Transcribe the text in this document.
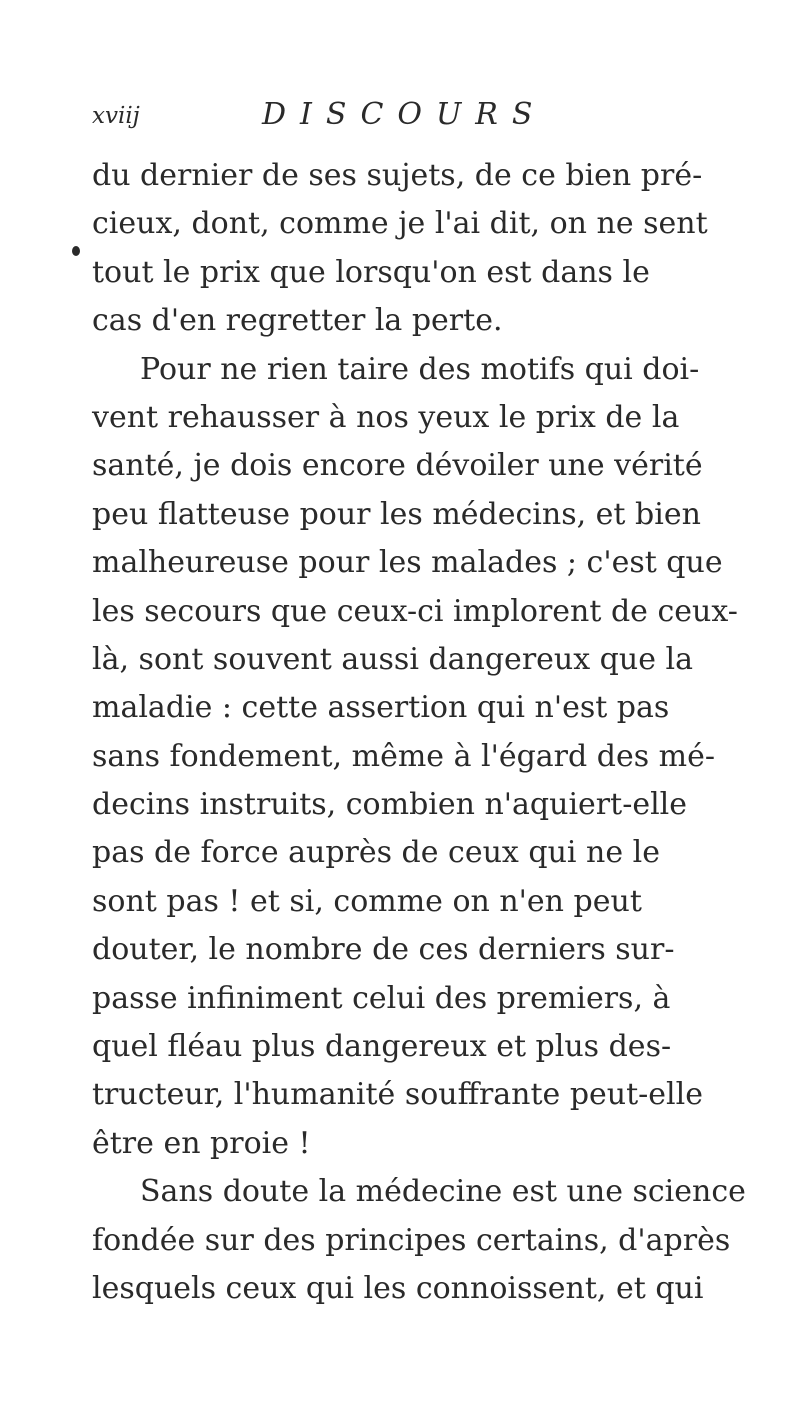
xviij	DISCOURS
du dernier de ses sujets, de ce bien pré-
cieux, dont, comme je l'ai dit, on ne sent
tout le prix que lorsqu'on est dans le
cas d'en regretter la perte.
Pour ne rien taire des motifs qui doi-
vent rehausser à nos yeux le prix de la
santé, je dois encore dévoiler une vérité
peu flatteuse pour les médecins, et bien
malheureuse pour les malades ; c'est que
les secours que ceux-ci implorent de ceux-
là, sont souvent aussi dangereux que la
maladie : cette assertion qui n'est pas
sans fondement, même à l'égard des mé-
decins instruits, combien n'aquiert-elle
pas de force auprès de ceux qui ne le
sont pas ! et si, comme on n'en peut
douter, le nombre de ces derniers sur-
passe infiniment celui des premiers, à
quel fléau plus dangereux et plus des-
tructeur, l'humanité souffrante peut-elle
être en proie !
Sans doute la médecine est une science
fondée sur des principes certains, d'après
lesquels ceux qui les connoissent, et qui
